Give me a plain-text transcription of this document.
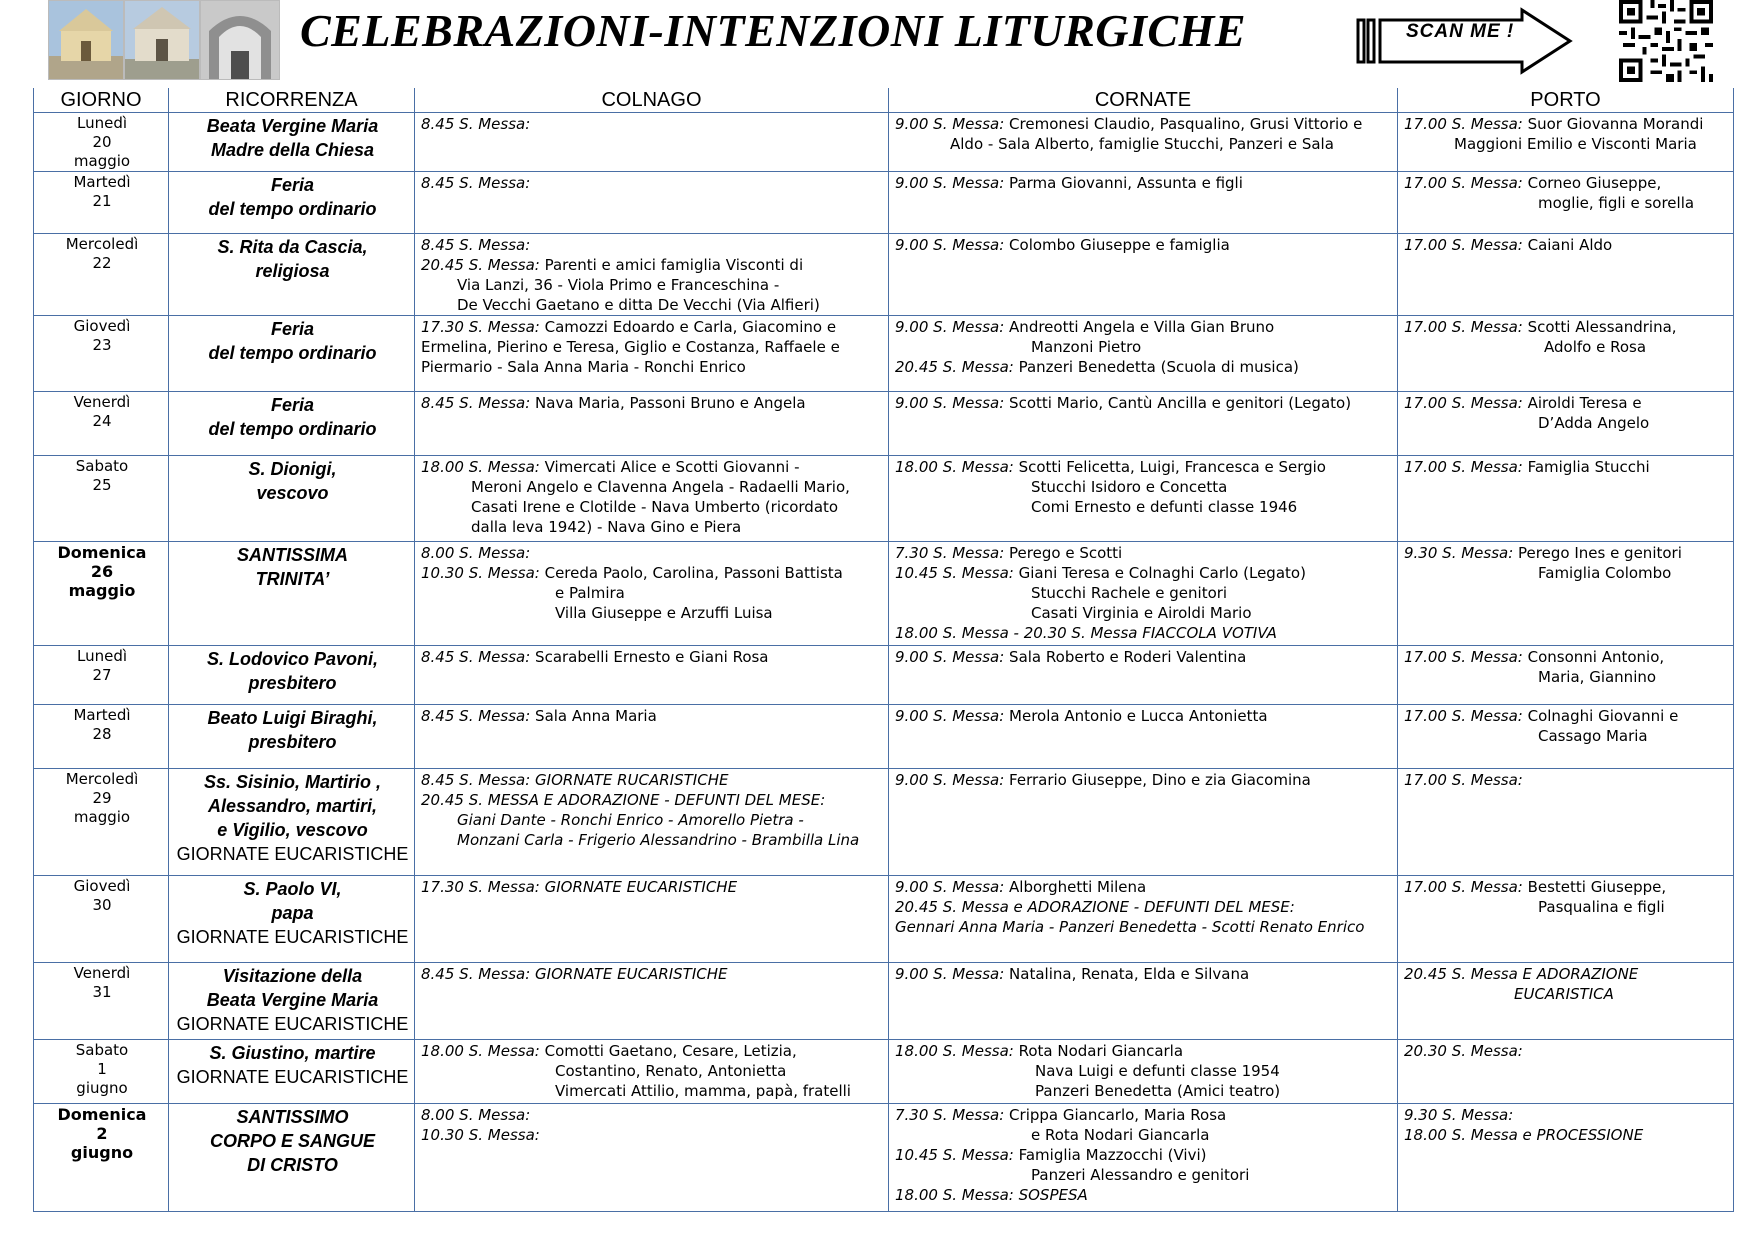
CELEBRAZIONI-INTENZIONI LITURGICHE	SCAN ME !
GIORNO	RICORRENZA	COLNAGO	CORNATE	PORTO

Lunedì
20
maggio	Beata Vergine Maria
Madre della Chiesa	8.45 S. Messa:	9.00 S. Messa: Cremonesi Claudio, Pasqualino, Grusi Vittorio e
Aldo - Sala Alberto, famiglie Stucchi, Panzeri e Sala	17.00 S. Messa: Suor Giovanna Morandi
Maggioni Emilio e Visconti Maria

Martedì
21	Feria
del tempo ordinario	8.45 S. Messa:	9.00 S. Messa: Parma Giovanni, Assunta e figli	17.00 S. Messa: Corneo Giuseppe,
moglie, figli e sorella

Mercoledì
22	S. Rita da Cascia,
religiosa	8.45 S. Messa:
20.45 S. Messa: Parenti e amici famiglia Visconti di
Via Lanzi, 36 - Viola Primo e Franceschina -
De Vecchi Gaetano e ditta De Vecchi (Via Alfieri)	9.00 S. Messa: Colombo Giuseppe e famiglia	17.00 S. Messa: Caiani Aldo

Giovedì
23	Feria
del tempo ordinario	17.30 S. Messa: Camozzi Edoardo e Carla, Giacomino e
Ermelina, Pierino e Teresa, Giglio e Costanza, Raffaele e
Piermario - Sala Anna Maria - Ronchi Enrico	9.00 S. Messa: Andreotti Angela e Villa Gian Bruno
Manzoni Pietro
20.45 S. Messa: Panzeri Benedetta (Scuola di musica)	17.00 S. Messa: Scotti Alessandrina,
Adolfo e Rosa

Venerdì
24	Feria
del tempo ordinario	8.45 S. Messa: Nava Maria, Passoni Bruno e Angela	9.00 S. Messa: Scotti Mario, Cantù Ancilla e genitori (Legato)	17.00 S. Messa: Airoldi Teresa e
D’Adda Angelo

Sabato
25	S. Dionigi,
vescovo	18.00 S. Messa: Vimercati Alice e Scotti Giovanni -
Meroni Angelo e Clavenna Angela - Radaelli Mario,
Casati Irene e Clotilde - Nava Umberto (ricordato
dalla leva 1942) - Nava Gino e Piera	18.00 S. Messa: Scotti Felicetta, Luigi, Francesca e Sergio
Stucchi Isidoro e Concetta
Comi Ernesto e defunti classe 1946	17.00 S. Messa: Famiglia Stucchi

Domenica
26
maggio	SANTISSIMA
TRINITA’	8.00 S. Messa:
10.30 S. Messa: Cereda Paolo, Carolina, Passoni Battista
e Palmira
Villa Giuseppe e Arzuffi Luisa	7.30 S. Messa: Perego e Scotti
10.45 S. Messa: Giani Teresa e Colnaghi Carlo (Legato)
Stucchi Rachele e genitori
Casati Virginia e Airoldi Mario
18.00 S. Messa - 20.30 S. Messa FIACCOLA VOTIVA	9.30 S. Messa: Perego Ines e genitori
Famiglia Colombo

Lunedì
27	S. Lodovico Pavoni,
presbitero	8.45 S. Messa: Scarabelli Ernesto e Giani Rosa	9.00 S. Messa: Sala Roberto e Roderi Valentina	17.00 S. Messa: Consonni Antonio,
Maria, Giannino

Martedì
28	Beato Luigi Biraghi,
presbitero	8.45 S. Messa: Sala Anna Maria	9.00 S. Messa: Merola Antonio e Lucca Antonietta	17.00 S. Messa: Colnaghi Giovanni e
Cassago Maria

Mercoledì
29
maggio	Ss. Sisinio, Martirio ,
Alessandro, martiri,
e Vigilio, vescovo
GIORNATE EUCARISTICHE	8.45 S. Messa: GIORNATE RUCARISTICHE
20.45 S. MESSA E ADORAZIONE - DEFUNTI DEL MESE:
Giani Dante - Ronchi Enrico - Amorello Pietra -
Monzani Carla - Frigerio Alessandrino - Brambilla Lina	9.00 S. Messa: Ferrario Giuseppe, Dino e zia Giacomina	17.00 S. Messa:

Giovedì
30	S. Paolo VI,
papa
GIORNATE EUCARISTICHE	17.30 S. Messa: GIORNATE EUCARISTICHE	9.00 S. Messa: Alborghetti Milena
20.45 S. Messa e ADORAZIONE - DEFUNTI DEL MESE:
Gennari Anna Maria - Panzeri Benedetta - Scotti Renato Enrico	17.00 S. Messa: Bestetti Giuseppe,
Pasqualina e figli

Venerdì
31	Visitazione della
Beata Vergine Maria
GIORNATE EUCARISTICHE	8.45 S. Messa: GIORNATE EUCARISTICHE	9.00 S. Messa: Natalina, Renata, Elda e Silvana	20.45 S. Messa E ADORAZIONE
EUCARISTICA

Sabato
1
giugno	S. Giustino, martire
GIORNATE EUCARISTICHE	18.00 S. Messa: Comotti Gaetano, Cesare, Letizia,
Costantino, Renato, Antonietta
Vimercati Attilio, mamma, papà, fratelli	18.00 S. Messa: Rota Nodari Giancarla
Nava Luigi e defunti classe 1954
Panzeri Benedetta (Amici teatro)	20.30 S. Messa:

Domenica
2
giugno	SANTISSIMO
CORPO E SANGUE
DI CRISTO	8.00 S. Messa:
10.30 S. Messa:	7.30 S. Messa: Crippa Giancarlo, Maria Rosa
e Rota Nodari Giancarla
10.45 S. Messa: Famiglia Mazzocchi (Vivi)
Panzeri Alessandro e genitori
18.00 S. Messa: SOSPESA	9.30 S. Messa:
18.00 S. Messa e PROCESSIONE
